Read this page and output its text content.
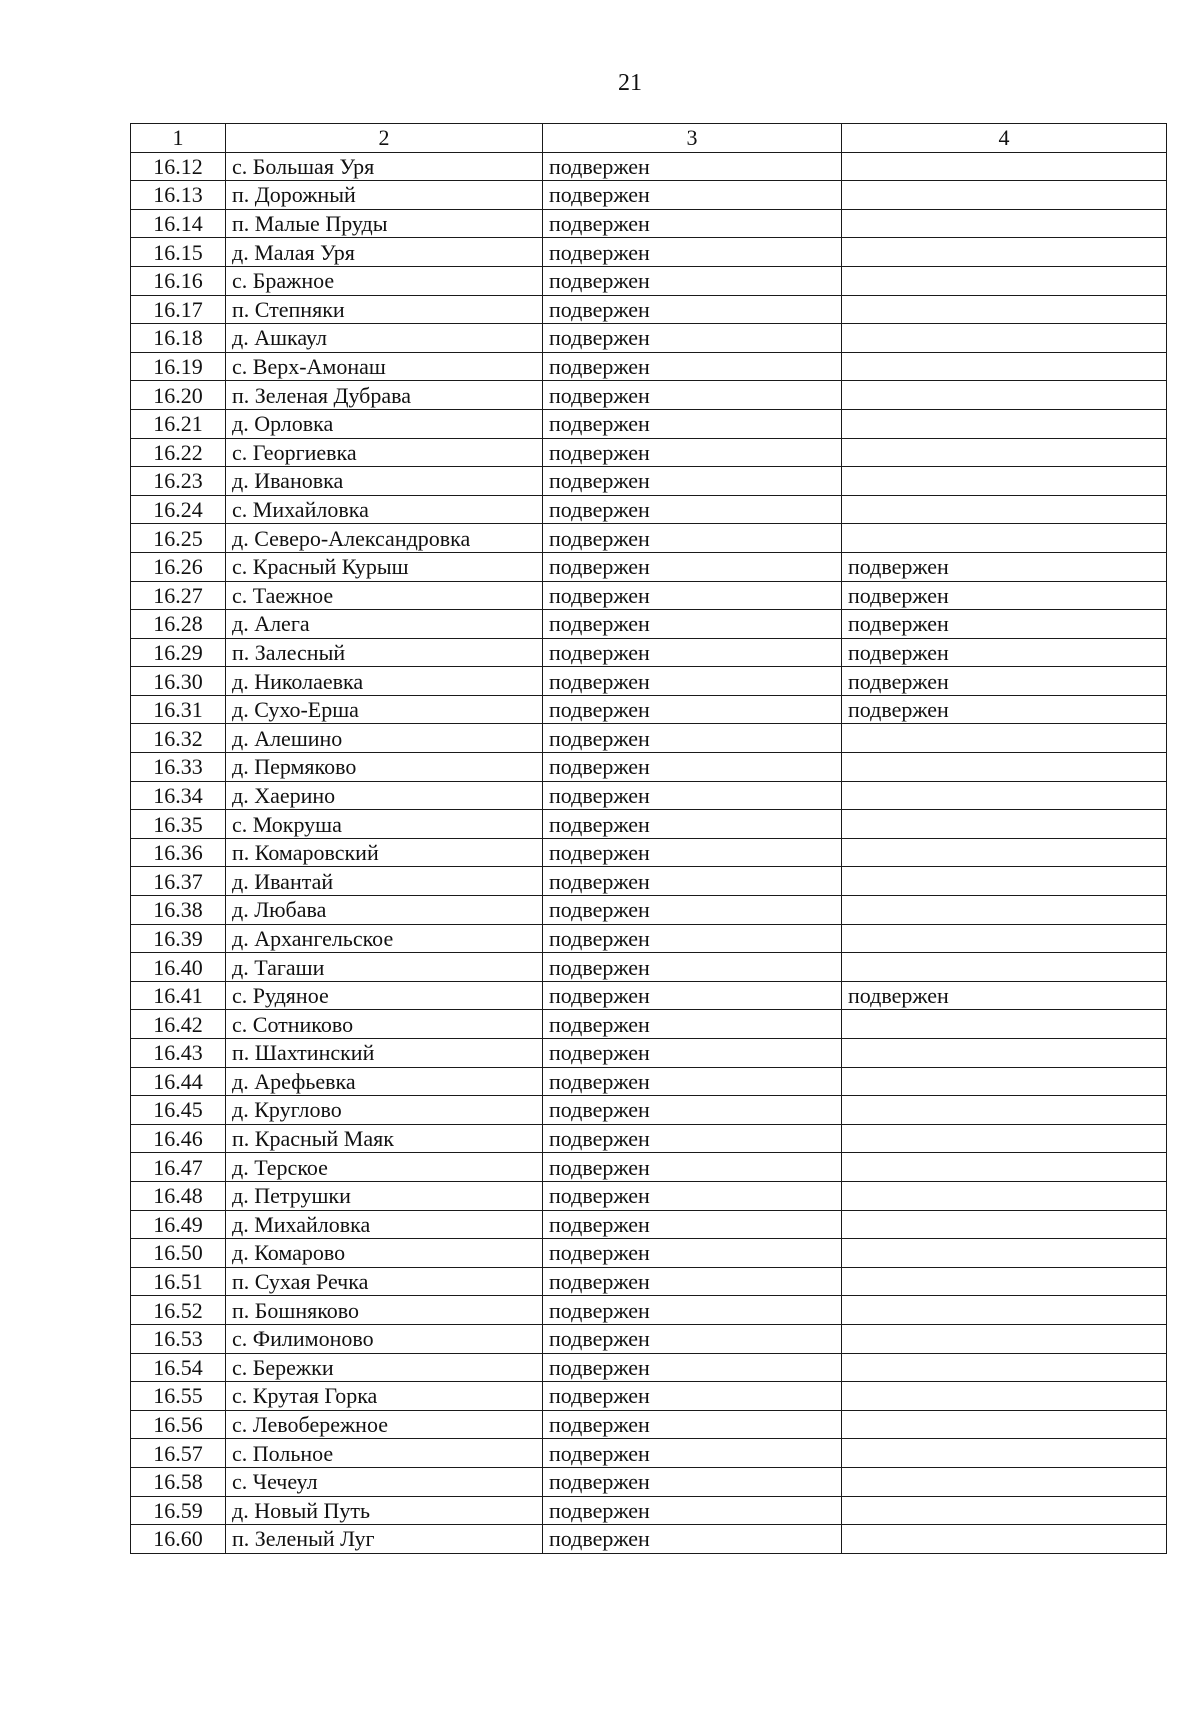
21
1	2	3	4
16.12	с. Большая Уря	подвержен	
16.13	п. Дорожный	подвержен	
16.14	п. Малые Пруды	подвержен	
16.15	д. Малая Уря	подвержен	
16.16	с. Бражное	подвержен	
16.17	п. Степняки	подвержен	
16.18	д. Ашкаул	подвержен	
16.19	с. Верх-Амонаш	подвержен	
16.20	п. Зеленая Дубрава	подвержен	
16.21	д. Орловка	подвержен	
16.22	с. Георгиевка	подвержен	
16.23	д. Ивановка	подвержен	
16.24	с. Михайловка	подвержен	
16.25	д. Северо-Александровка	подвержен	
16.26	с. Красный Курыш	подвержен	подвержен
16.27	с. Таежное	подвержен	подвержен
16.28	д. Алега	подвержен	подвержен
16.29	п. Залесный	подвержен	подвержен
16.30	д. Николаевка	подвержен	подвержен
16.31	д. Сухо-Ерша	подвержен	подвержен
16.32	д. Алешино	подвержен	
16.33	д. Пермяково	подвержен	
16.34	д. Хаерино	подвержен	
16.35	с. Мокруша	подвержен	
16.36	п. Комаровский	подвержен	
16.37	д. Ивантай	подвержен	
16.38	д. Любава	подвержен	
16.39	д. Архангельское	подвержен	
16.40	д. Тагаши	подвержен	
16.41	с. Рудяное	подвержен	подвержен
16.42	с. Сотниково	подвержен	
16.43	п. Шахтинский	подвержен	
16.44	д. Арефьевка	подвержен	
16.45	д. Круглово	подвержен	
16.46	п. Красный Маяк	подвержен	
16.47	д. Терское	подвержен	
16.48	д. Петрушки	подвержен	
16.49	д. Михайловка	подвержен	
16.50	д. Комарово	подвержен	
16.51	п. Сухая Речка	подвержен	
16.52	п. Бошняково	подвержен	
16.53	с. Филимоново	подвержен	
16.54	с. Бережки	подвержен	
16.55	с. Крутая Горка	подвержен	
16.56	с. Левобережное	подвержен	
16.57	с. Польное	подвержен	
16.58	с. Чечеул	подвержен	
16.59	д. Новый Путь	подвержен	
16.60	п. Зеленый Луг	подвержен	
